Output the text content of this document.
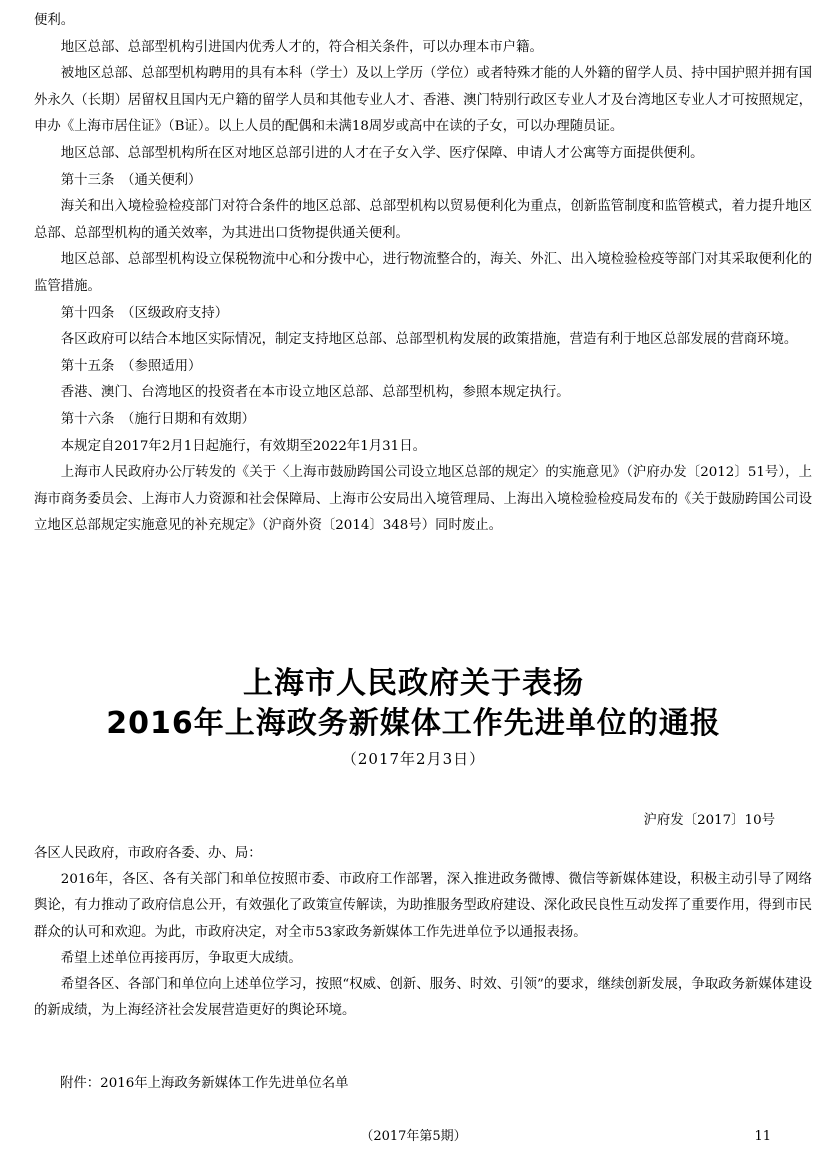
便利。

地区总部、总部型机构引进国内优秀人才的，符合相关条件，可以办理本市户籍。

被地区总部、总部型机构聘用的具有本科（学士）及以上学历（学位）或者特殊才能的人外籍的留学人员、持中国护照并拥有国外永久（长期）居留权且国内无户籍的留学人员和其他专业人才、香港、澳门特别行政区专业人才及台湾地区专业人才可按照规定，申办《上海市居住证》（B证）。以上人员的配偶和未满18周岁或高中在读的子女，可以办理随员证。

地区总部、总部型机构所在区对地区总部引进的人才在子女入学、医疗保障、申请人才公寓等方面提供便利。

第十三条　（通关便利）

海关和出入境检验检疫部门对符合条件的地区总部、总部型机构以贸易便利化为重点，创新监管制度和监管模式，着力提升地区总部、总部型机构的通关效率，为其进出口货物提供通关便利。

地区总部、总部型机构设立保税物流中心和分拨中心，进行物流整合的，海关、外汇、出入境检验检疫等部门对其采取便利化的监管措施。

第十四条　（区级政府支持）

各区政府可以结合本地区实际情况，制定支持地区总部、总部型机构发展的政策措施，营造有利于地区总部发展的营商环境。

第十五条　（参照适用）

香港、澳门、台湾地区的投资者在本市设立地区总部、总部型机构，参照本规定执行。

第十六条　（施行日期和有效期）

本规定自2017年2月1日起施行，有效期至2022年1月31日。

上海市人民政府办公厅转发的《关于〈上海市鼓励跨国公司设立地区总部的规定〉的实施意见》（沪府办发〔2012〕51号），上海市商务委员会、上海市人力资源和社会保障局、上海市公安局出入境管理局、上海出入境检验检疫局发布的《关于鼓励跨国公司设立地区总部规定实施意见的补充规定》（沪商外资〔2014〕348号）同时废止。

上海市人民政府关于表扬
2016年上海政务新媒体工作先进单位的通报
（2017年2月3日）
沪府发〔2017〕10号

各区人民政府，市政府各委、办、局：

2016年，各区、各有关部门和单位按照市委、市政府工作部署，深入推进政务微博、微信等新媒体建设，积极主动引导了网络舆论，有力推动了政府信息公开，有效强化了政策宣传解读，为助推服务型政府建设、深化政民良性互动发挥了重要作用，得到市民群众的认可和欢迎。为此，市政府决定，对全市53家政务新媒体工作先进单位予以通报表扬。

希望上述单位再接再厉，争取更大成绩。

希望各区、各部门和单位向上述单位学习，按照“权威、创新、服务、时效、引领”的要求，继续创新发展，争取政务新媒体建设的新成绩，为上海经济社会发展营造更好的舆论环境。

附件：2016年上海政务新媒体工作先进单位名单
（2017年第5期）	11
